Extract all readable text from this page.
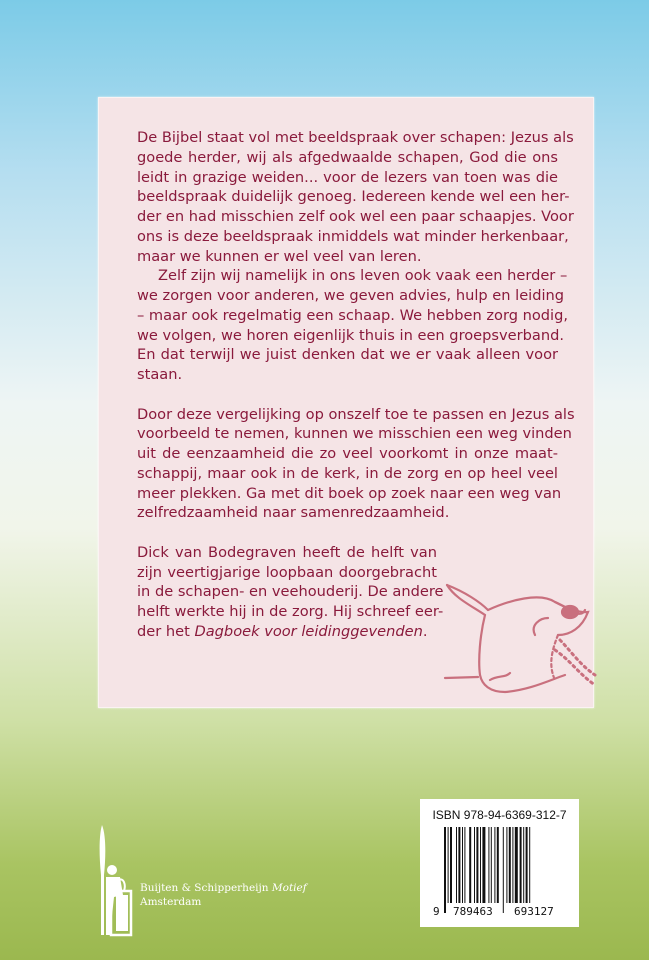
De Bijbel staat vol met beeldspraak over schapen: Jezus als
goede herder, wij als afgedwaalde schapen, God die ons
leidt in grazige weiden... voor de lezers van toen was die
beeldspraak duidelijk genoeg. Iedereen kende wel een her-
der en had misschien zelf ook wel een paar schaapjes. Voor
ons is deze beeldspraak inmiddels wat minder herkenbaar,
maar we kunnen er wel veel van leren.
Zelf zijn wij namelijk in ons leven ook vaak een herder –
we zorgen voor anderen, we geven advies, hulp en leiding
– maar ook regelmatig een schaap. We hebben zorg nodig,
we volgen, we horen eigenlijk thuis in een groepsverband.
En dat terwijl we juist denken dat we er vaak alleen voor
staan.
Door deze vergelijking op onszelf toe te passen en Jezus als
voorbeeld te nemen, kunnen we misschien een weg vinden
uit de eenzaamheid die zo veel voorkomt in onze maat-
schappij, maar ook in de kerk, in de zorg en op heel veel
meer plekken. Ga met dit boek op zoek naar een weg van
zelfredzaamheid naar samenredzaamheid.
Dick van Bodegraven heeft de helft van
zijn veertigjarige loopbaan doorgebracht
in de schapen- en veehouderij. De andere
helft werkte hij in de zorg. Hij schreef eer-
der het Dagboek voor leidinggevenden.
Buijten & Schipperheijn Motief
Amsterdam
ISBN 978-94-6369-312-7
9 789463 693127
